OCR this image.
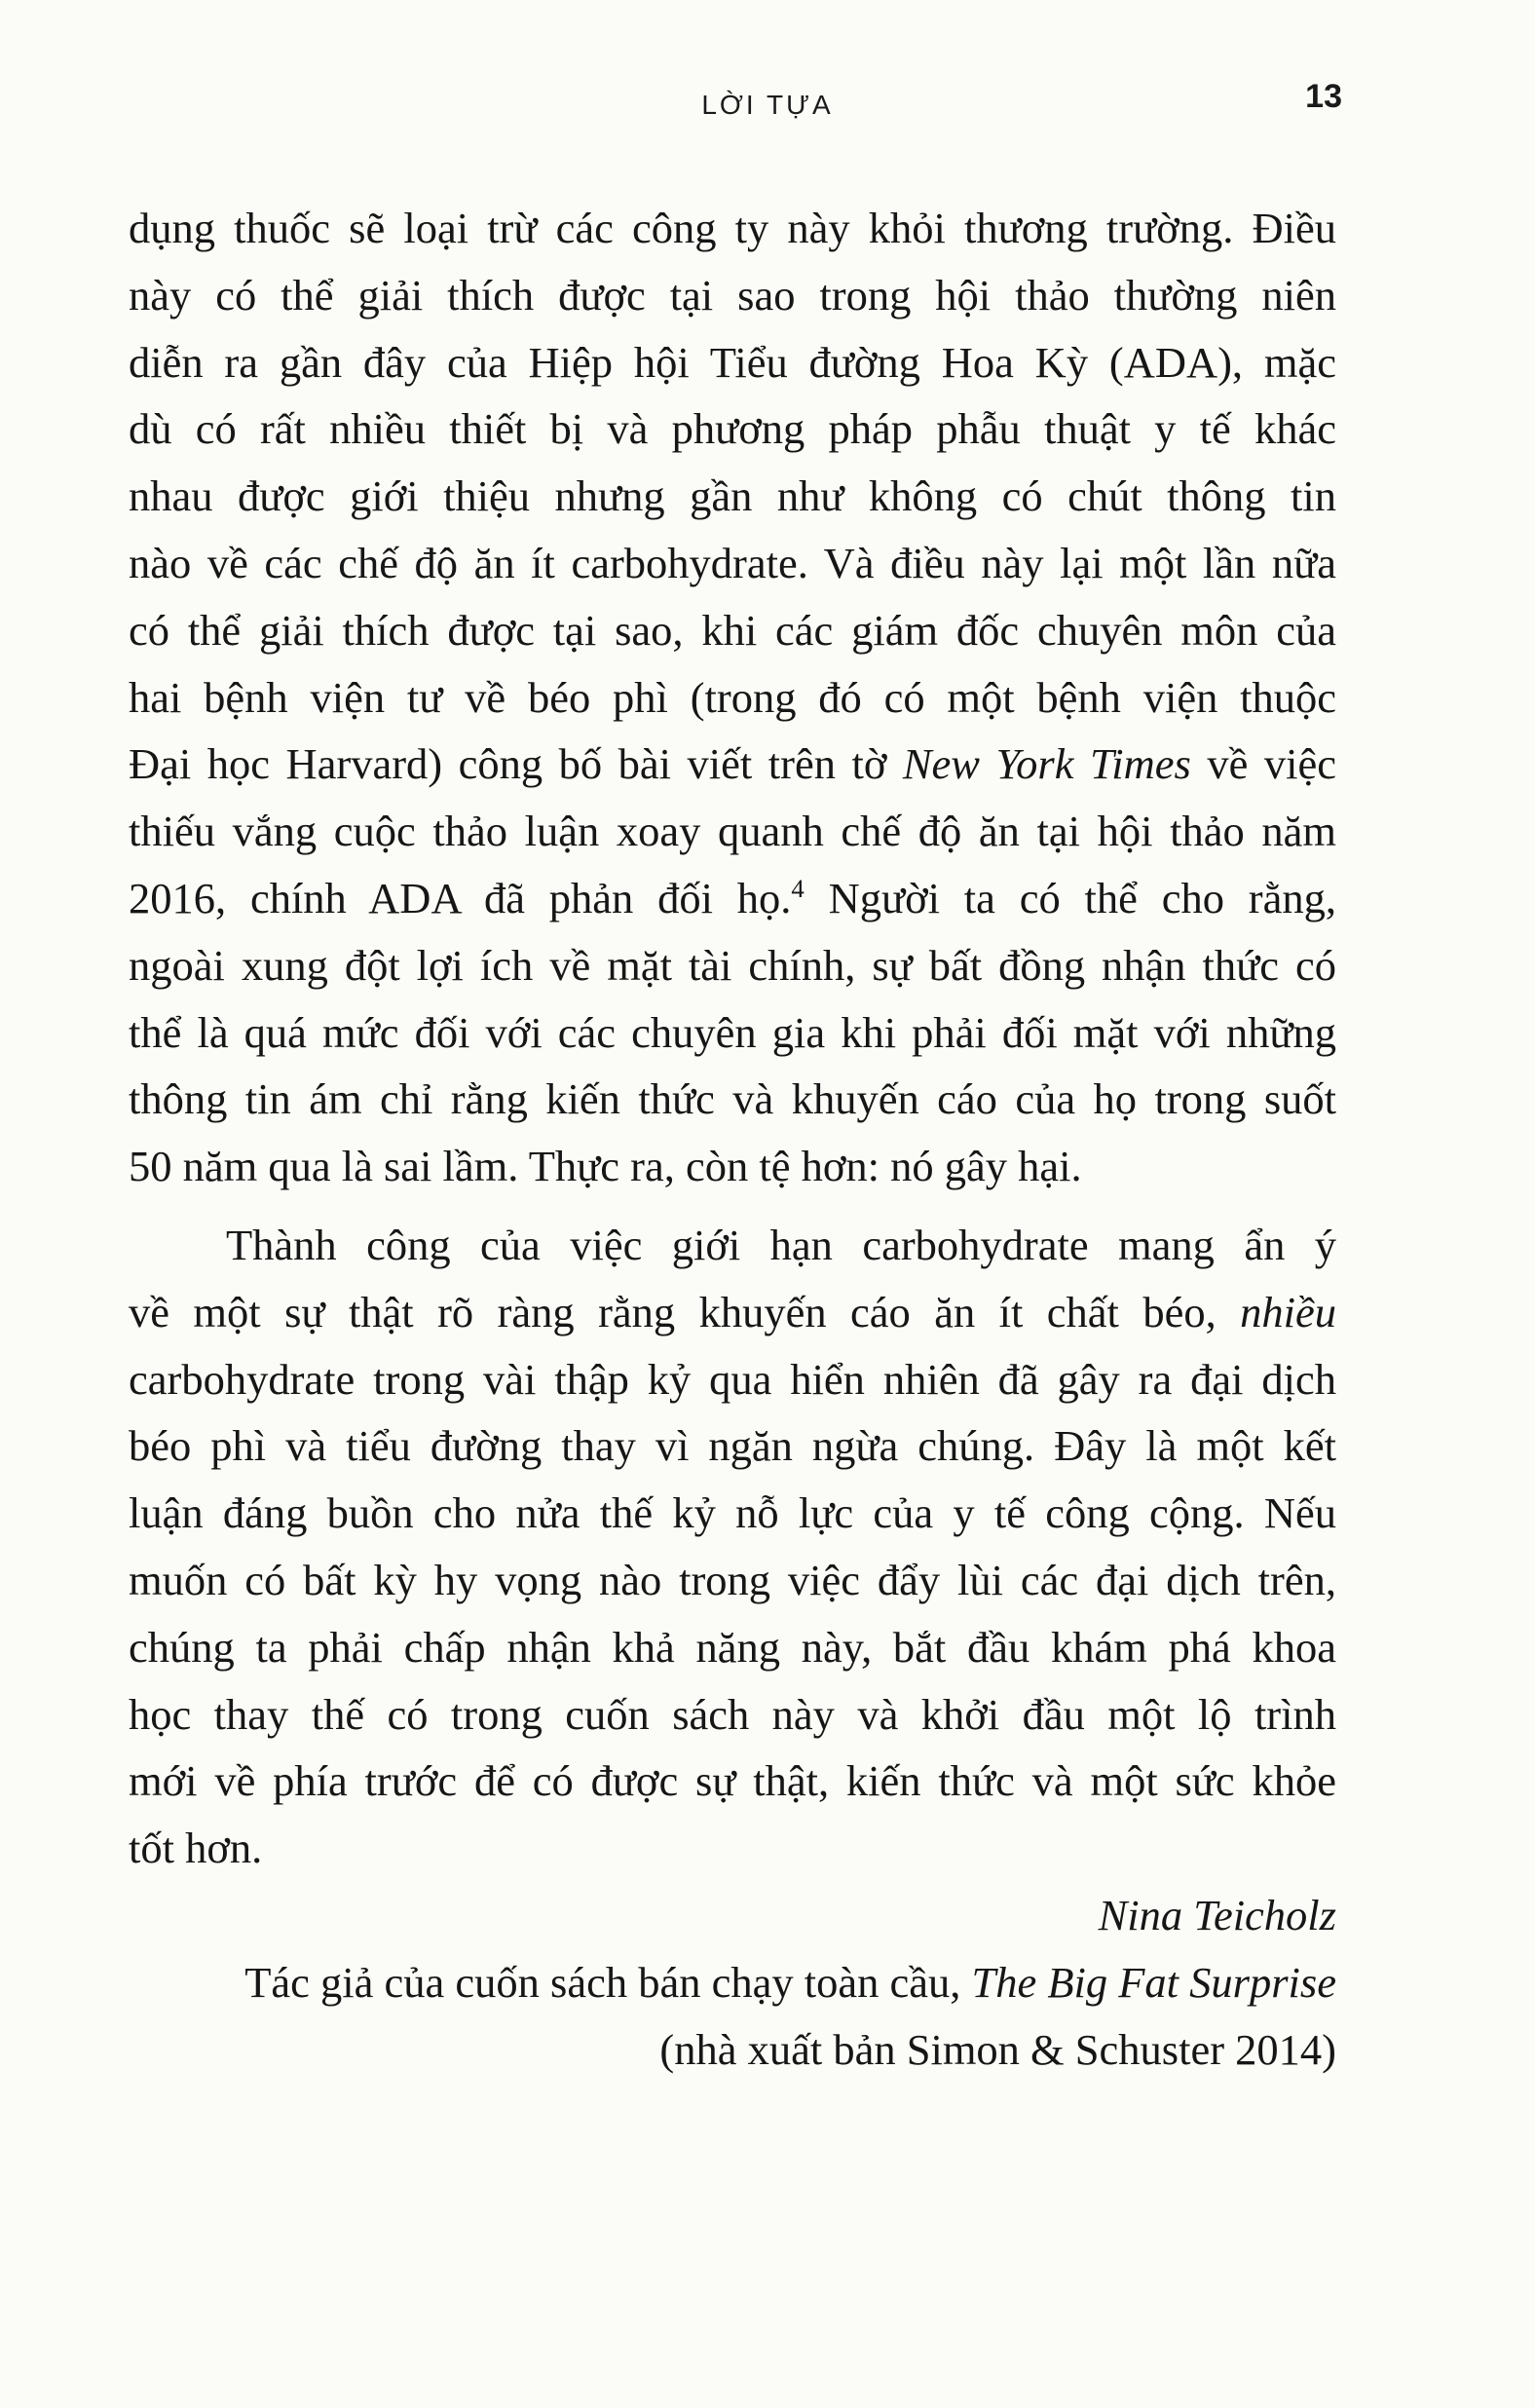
LỜI TỰA	13
dụng thuốc sẽ loại trừ các công ty này khỏi thương trường. Điều
này có thể giải thích được tại sao trong hội thảo thường niên
diễn ra gần đây của Hiệp hội Tiểu đường Hoa Kỳ (ADA), mặc
dù có rất nhiều thiết bị và phương pháp phẫu thuật y tế khác
nhau được giới thiệu nhưng gần như không có chút thông tin
nào về các chế độ ăn ít carbohydrate. Và điều này lại một lần nữa
có thể giải thích được tại sao, khi các giám đốc chuyên môn của
hai bệnh viện tư về béo phì (trong đó có một bệnh viện thuộc
Đại học Harvard) công bố bài viết trên tờ New York Times về việc
thiếu vắng cuộc thảo luận xoay quanh chế độ ăn tại hội thảo năm
2016, chính ADA đã phản đối họ.$^4$ Người ta có thể cho rằng,
ngoài xung đột lợi ích về mặt tài chính, sự bất đồng nhận thức có
thể là quá mức đối với các chuyên gia khi phải đối mặt với những
thông tin ám chỉ rằng kiến thức và khuyến cáo của họ trong suốt
50 năm qua là sai lầm. Thực ra, còn tệ hơn: nó gây hại.
Thành công của việc giới hạn carbohydrate mang ẩn ý
về một sự thật rõ ràng rằng khuyến cáo ăn ít chất béo, nhiều
carbohydrate trong vài thập kỷ qua hiển nhiên đã gây ra đại dịch
béo phì và tiểu đường thay vì ngăn ngừa chúng. Đây là một kết
luận đáng buồn cho nửa thế kỷ nỗ lực của y tế công cộng. Nếu
muốn có bất kỳ hy vọng nào trong việc đẩy lùi các đại dịch trên,
chúng ta phải chấp nhận khả năng này, bắt đầu khám phá khoa
học thay thế có trong cuốn sách này và khởi đầu một lộ trình
mới về phía trước để có được sự thật, kiến thức và một sức khỏe
tốt hơn.
Nina Teicholz
Tác giả của cuốn sách bán chạy toàn cầu, The Big Fat Surprise
(nhà xuất bản Simon & Schuster 2014)
